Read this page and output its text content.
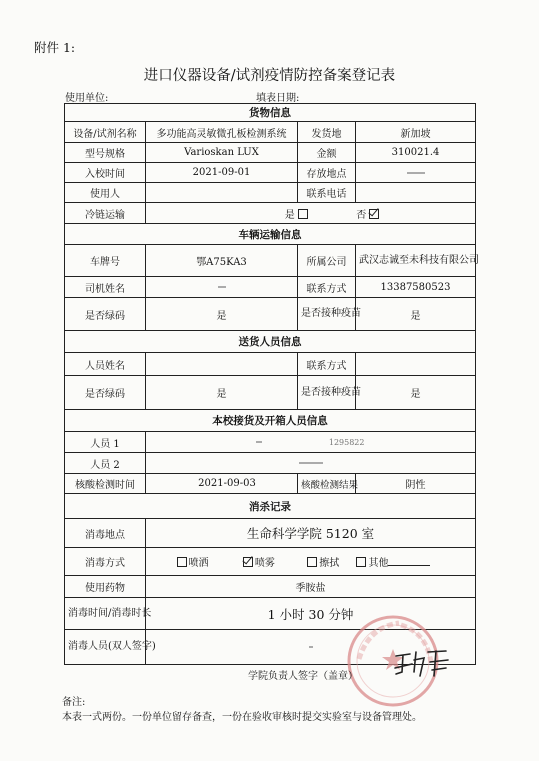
附件 1:
进口仪器设备/试剂疫情防控备案登记表
使用单位:	填表日期:
货物信息			
设备/试剂名称	多功能高灵敏微孔板检测系统	发货地	新加坡
型号规格	Varioskan LUX	金额	310021.4
入校时间	2021-09-01	存放地点	
使用人		联系电话	
冷链运输	是 否		
车辆运输信息			
车牌号	鄂A75KA3	所属公司	武汉志诚至未科技有限公司
司机姓名		联系方式	13387580523
是否绿码	是	是否接种疫苗	是
送货人员信息			
人员姓名		联系方式	
是否绿码	是	是否接种疫苗	是
本校接货及开箱人员信息			
人员 1	1295822		
人员 2			
核酸检测时间	2021-09-03	核酸检测结果	阴性
消杀记录			
消毒地点	生命科学学院 5120 室		
消毒方式	喷洒 喷雾 擦拭 其他		
使用药物	季胺盐		
消毒时间/消毒时长	1 小时 30 分钟		
消毒人员(双人签字)			
学院负责人签字（盖章）
备注:
本表一式两份。一份单位留存备查，一份在验收审核时提交实验室与设备管理处。
